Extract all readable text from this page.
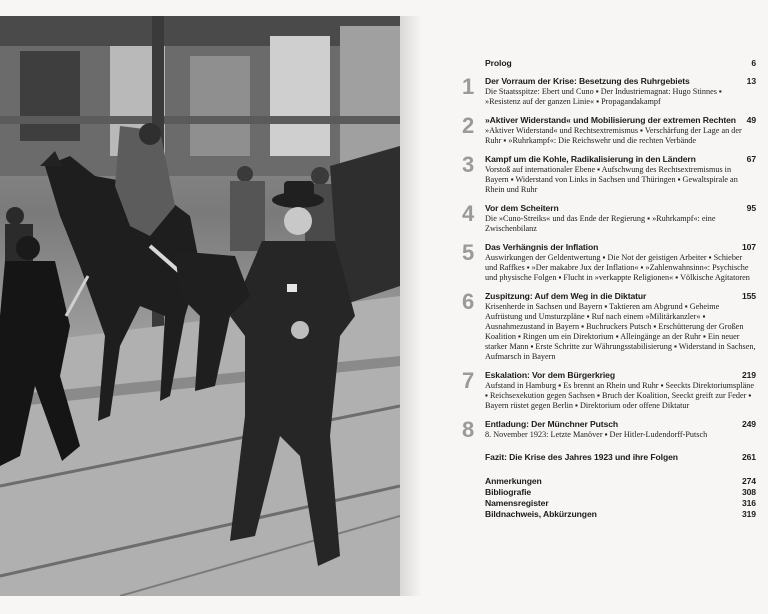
Prolog	6
1	Der Vorraum der Krise: Besetzung des Ruhrgebiets	13
Die Staatsspitze: Ebert und Cuno ▪ Der Industriemagnat: Hugo Stinnes ▪ »Resistenz auf der ganzen Linie« ▪ Propagandakampf
2	»Aktiver Widerstand« und Mobilisierung der extremen Rechten 49
»Aktiver Widerstand« und Rechtsextremismus ▪ Verschärfung der Lage an der Ruhr ▪ »Ruhrkampf«: Die Reichswehr und die rechten Verbände
3	Kampf um die Kohle, Radikalisierung in den Ländern	67
Vorstoß auf internationaler Ebene ▪ Aufschwung des Rechtsextremismus in Bayern ▪ Widerstand von Links in Sachsen und Thüringen ▪ Gewaltspirale an Rhein und Ruhr
4	Vor dem Scheitern	95
Die »Cuno-Streiks« und das Ende der Regierung ▪ »Ruhrkampf«: eine Zwischenbilanz
5	Das Verhängnis der Inflation	107
Auswirkungen der Geldentwertung ▪ Die Not der geistigen Arbeiter ▪ Schieber und Raffkes ▪ »Der makabre Jux der Inflation« ▪ »Zahlenwahnsinn«: Psychische und physische Folgen ▪ Flucht in »verkappte Religionen« ▪ Völkische Agitatoren
6	Zuspitzung: Auf dem Weg in die Diktatur	155
Krisenherde in Sachsen und Bayern ▪ Taktieren am Abgrund ▪ Geheime Aufrüstung und Umsturzpläne ▪ Ruf nach einem »Militärkanzler« ▪ Ausnahmezustand in Bayern ▪ Buchruckers Putsch ▪ Erschütterung der Großen Koalition ▪ Ringen um ein Direktorium ▪ Alleingänge an der Ruhr ▪ Ein neuer starker Mann ▪ Erste Schritte zur Währungsstabilisierung ▪ Widerstand in Sachsen, Aufmarsch in Bayern
7	Eskalation: Vor dem Bürgerkrieg	219
Aufstand in Hamburg ▪ Es brennt an Rhein und Ruhr ▪ Seeckts Direktoriumspläne ▪ Reichsexekution gegen Sachsen ▪ Bruch der Koalition, Seeckt greift zur Feder ▪ Bayern rüstet gegen Berlin ▪ Direktorium oder offene Diktatur
8	Entladung: Der Münchner Putsch	249
8. November 1923: Letzte Manöver ▪ Der Hitler-Ludendorff-Putsch
Fazit: Die Krise des Jahres 1923 und ihre Folgen	261
Anmerkungen	274
Bibliografie	308
Namensregister	316
Bildnachweis, Abkürzungen	319
